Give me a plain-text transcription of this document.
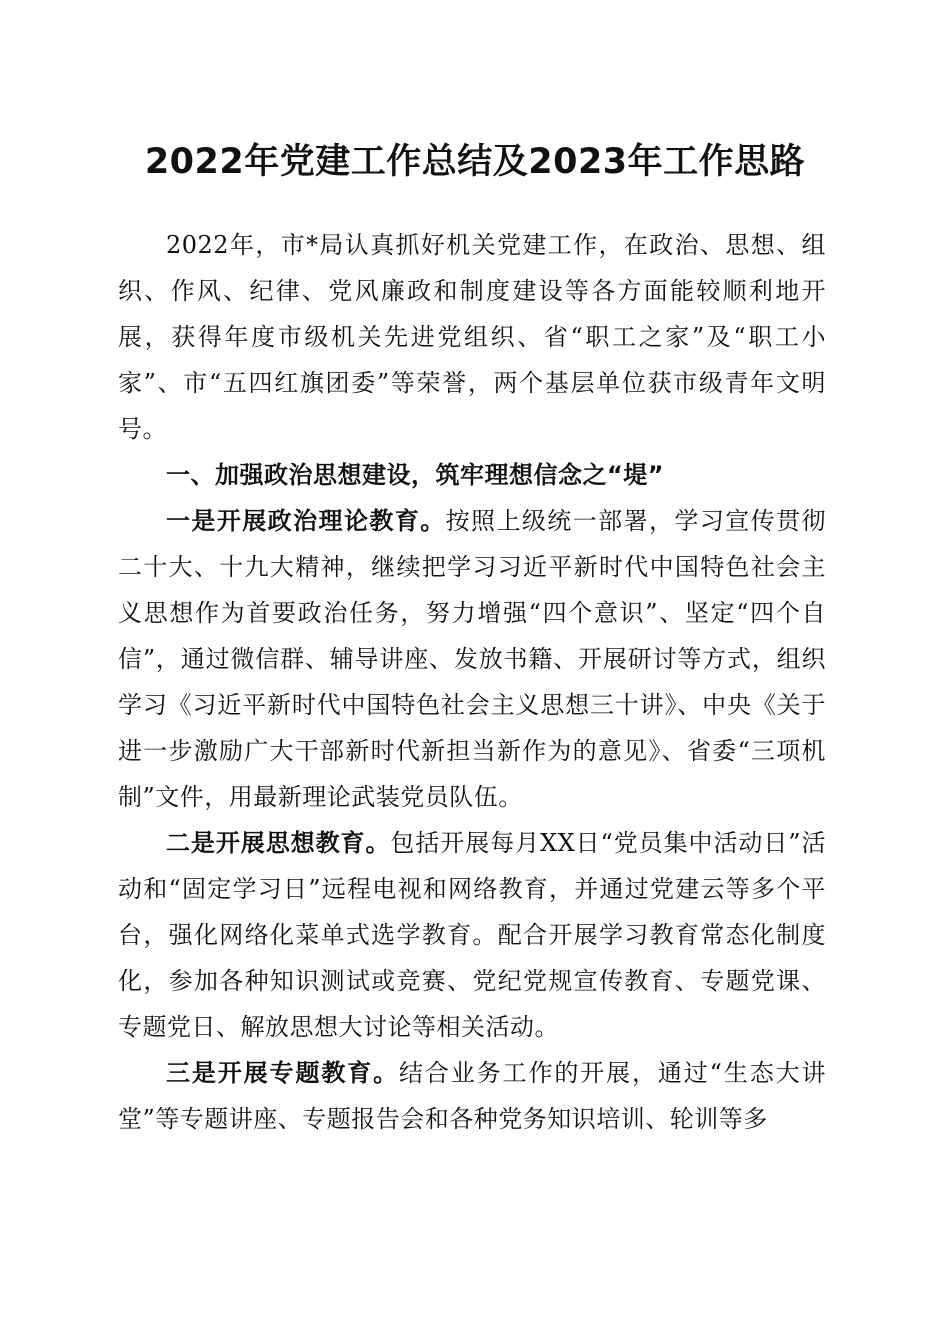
2022年党建工作总结及2023年工作思路

2022年，市*局认真抓好机关党建工作，在政治、思想、组织、作风、纪律、党风廉政和制度建设等各方面能较顺利地开展，获得年度市级机关先进党组织、省“职工之家”及“职工小家”、市“五四红旗团委”等荣誉，两个基层单位获市级青年文明号。

一、加强政治思想建设，筑牢理想信念之“堤”

一是开展政治理论教育。按照上级统一部署，学习宣传贯彻二十大、十九大精神，继续把学习习近平新时代中国特色社会主义思想作为首要政治任务，努力增强“四个意识”、坚定“四个自信”，通过微信群、辅导讲座、发放书籍、开展研讨等方式，组织学习《习近平新时代中国特色社会主义思想三十讲》、中央《关于进一步激励广大干部新时代新担当新作为的意见》、省委“三项机制”文件，用最新理论武装党员队伍。

二是开展思想教育。包括开展每月XX日“党员集中活动日”活动和“固定学习日”远程电视和网络教育，并通过党建云等多个平台，强化网络化菜单式选学教育。配合开展学习教育常态化制度化，参加各种知识测试或竞赛、党纪党规宣传教育、专题党课、专题党日、解放思想大讨论等相关活动。

三是开展专题教育。结合业务工作的开展，通过“生态大讲堂”等专题讲座、专题报告会和各种党务知识培训、轮训等多
